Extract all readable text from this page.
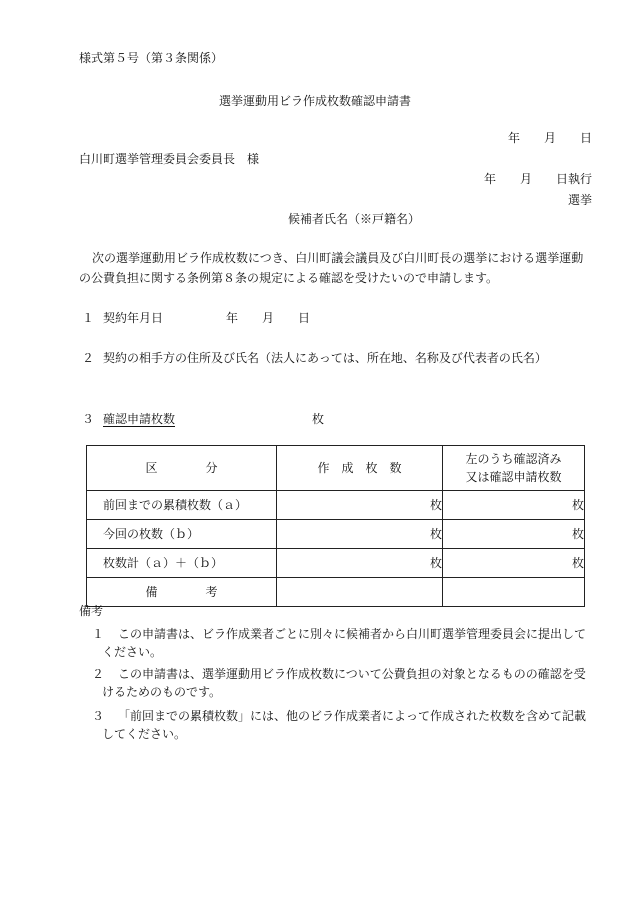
様式第５号（第３条関係）
選挙運動用ビラ作成枚数確認申請書
年　　月　　日
白川町選挙管理委員会委員長　様
年　　月　　日執行
選挙
候補者氏名（※戸籍名）
次の選挙運動用ビラ作成枚数につき、白川町議会議員及び白川町長の選挙における選挙運動
の公費負担に関する条例第８条の規定による確認を受けたいので申請します。
１ 契約年月日	年　　月　　日
２ 契約の相手方の住所及び氏名（法人にあっては、所在地、名称及び代表者の氏名）
３ 確認申請枚数	枚
区　　　　分	作　成　枚　数	左のうち確認済み
又は確認申請枚数

前回までの累積枚数（ａ）	枚	枚

今回の枚数（ｂ）	枚	枚

枚数計（ａ）＋（ｂ）	枚	枚

備　　　　考		
備考
１ この申請書は、ビラ作成業者ごとに別々に候補者から白川町選挙管理委員会に提出して
ください。
２ この申請書は、選挙運動用ビラ作成枚数について公費負担の対象となるものの確認を受
けるためのものです。
３ 「前回までの累積枚数」には、他のビラ作成業者によって作成された枚数を含めて記載
してください。
